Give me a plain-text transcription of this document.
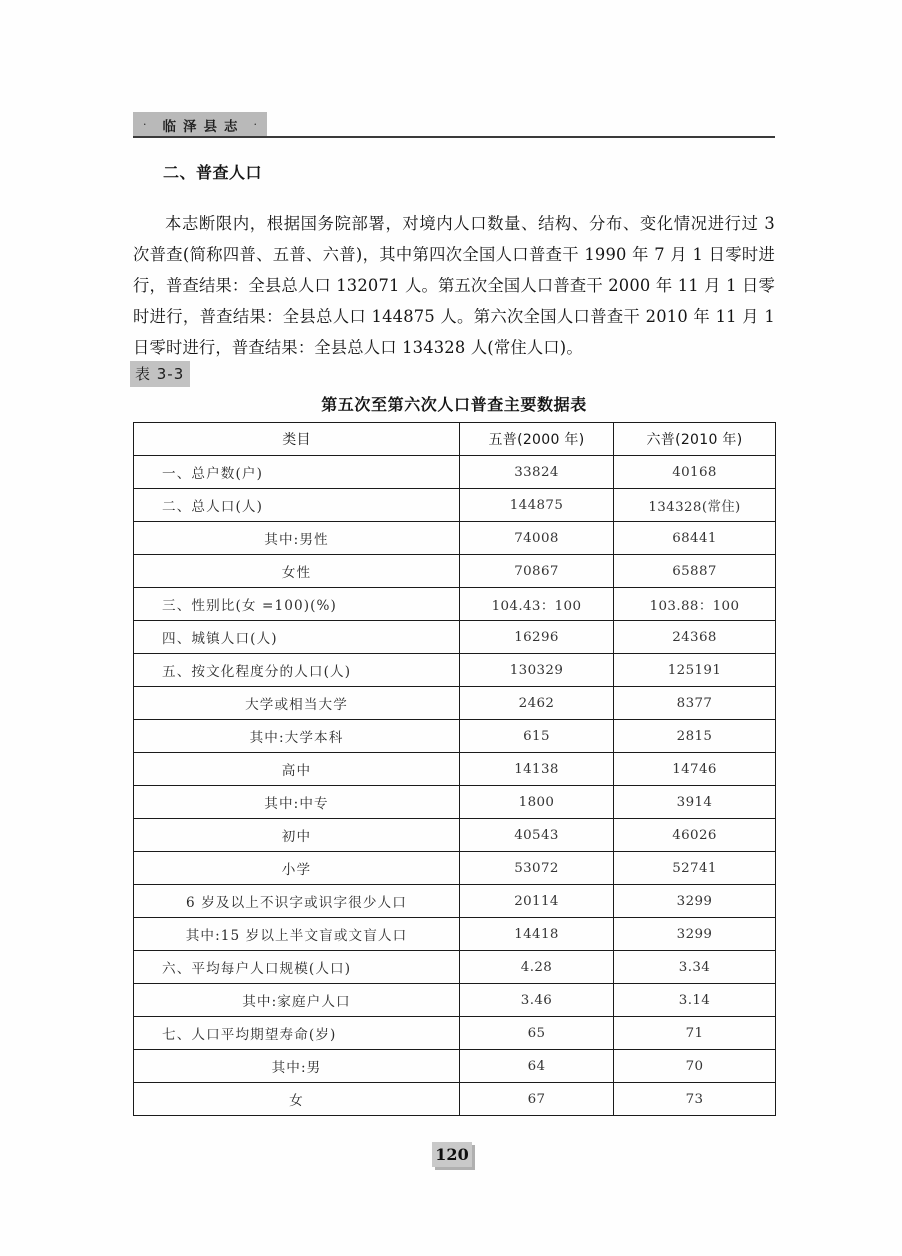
·	临泽县志 ·
二、普查人口

本志断限内，根据国务院部署，对境内人口数量、结构、分布、变化情况进行过 3 次普查(简称四普、五普、六普)，其中第四次全国人口普查干 1990 年 7 月 1 日零时进行，普查结果：全县总人口 132071 人。第五次全国人口普查干 2000 年 11 月 1 日零时进行，普查结果：全县总人口 144875 人。第六次全国人口普查干 2010 年 11 月 1 日零时进行，普查结果：全县总人口 134328 人(常住人口)。

表 3-3
第五次至第六次人口普查主要数据表
类目	五普(2000 年)	六普(2010 年)
一、总户数(户)	33824	40168
二、总人口(人)	144875	134328(常住)
其中:男性	74008	68441
女性	70867	65887
三、性别比(女 =100)(%)	104.43：100	103.88：100
四、城镇人口(人)	16296	24368
五、按文化程度分的人口(人)	130329	125191
大学或相当大学	2462	8377
其中:大学本科	615	2815
高中	14138	14746
其中:中专	1800	3914
初中	40543	46026
小学	53072	52741
6 岁及以上不识字或识字很少人口	20114	3299
其中:15 岁以上半文盲或文盲人口	14418	3299
六、平均每户人口规模(人口)	4.28	3.34
其中:家庭户人口	3.46	3.14
七、人口平均期望寿命(岁)	65	71
其中:男	64	70
女	67	73
120
